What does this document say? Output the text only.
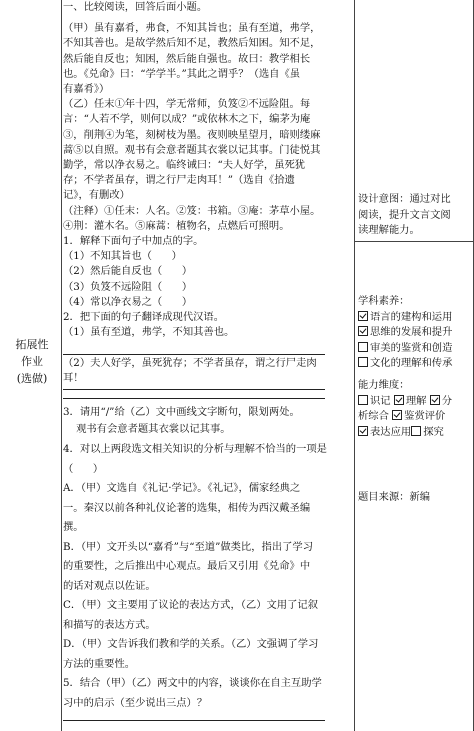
拓展性
作业
(选做)
一、比较阅读，回答后面小题。
（甲）虽有嘉肴，弗食，不知其旨也；虽有至道，弗学，
不知其善也。是故学然后知不足，教然后知困。知不足，
然后能自反也；知困，然后能自强也。故曰：教学相长
也。《兑命》曰：“学学半。”其此之谓乎？（选自《虽
有嘉肴》）
（乙）任末①年十四，学无常师，负笈②不远险阻。每
言：“人若不学，则何以成？”或依林木之下，编茅为庵
③，削荆④为笔，刻树枝为墨。夜则映星望月，暗则缕麻
蒿⑤以自照。观书有会意者题其衣裳以记其事。门徒悦其
勤学，常以净衣易之。临终诫曰：“夫人好学，虽死犹
存；不学者虽存，谓之行尸走肉耳！”（选自《拾遗
记》，有删改）
（注释）①任末：人名。②笈：书箱。③庵：茅草小屋。
④荆：灌木名。⑤麻蒿：植物名，点燃后可照明。
1．解释下面句子中加点的字。
（1）不知其旨也（      ）
（2）然后能自反也（      ）
（3）负笈不远险阻（      ）
（4）常以净衣易之（      ）
2．把下面的句子翻译成现代汉语。
（1）虽有至道，弗学，不知其善也。
（2）夫人好学，虽死犹存；不学者虽存，谓之行尸走肉
耳！
3．请用“/”给（乙）文中画线文字断句，限划两处。
观书有会意者题其衣裳以记其事。
4．对以上两段选文相关知识的分析与理解不恰当的一项是
（      ）
A．（甲）文选自《礼记·学记》。《礼记》，儒家经典之
一。秦汉以前各种礼仪论著的选集，相传为西汉戴圣编
撰。
B．（甲）文开头以“嘉肴”与“至道”做类比，指出了学习
的重要性，之后推出中心观点。最后又引用《兑命》中
的话对观点以佐证。
C．（甲）文主要用了议论的表达方式，（乙）文用了记叙
和描写的表达方式。
D．（甲）文告诉我们教和学的关系。（乙）文强调了学习
方法的重要性。
5．结合（甲）（乙）两文中的内容，谈谈你在自主互助学
习中的启示（至少说出三点）？
设计意图：通过对比
阅读，提升文言文阅
读理解能力。
学科素养：
语言的建构和运用
思维的发展和提升
审美的鉴赏和创造
文化的理解和传承
能力维度：
识记 理解 分
析综合 鉴赏评价
表达应用 探究
题目来源：新编
